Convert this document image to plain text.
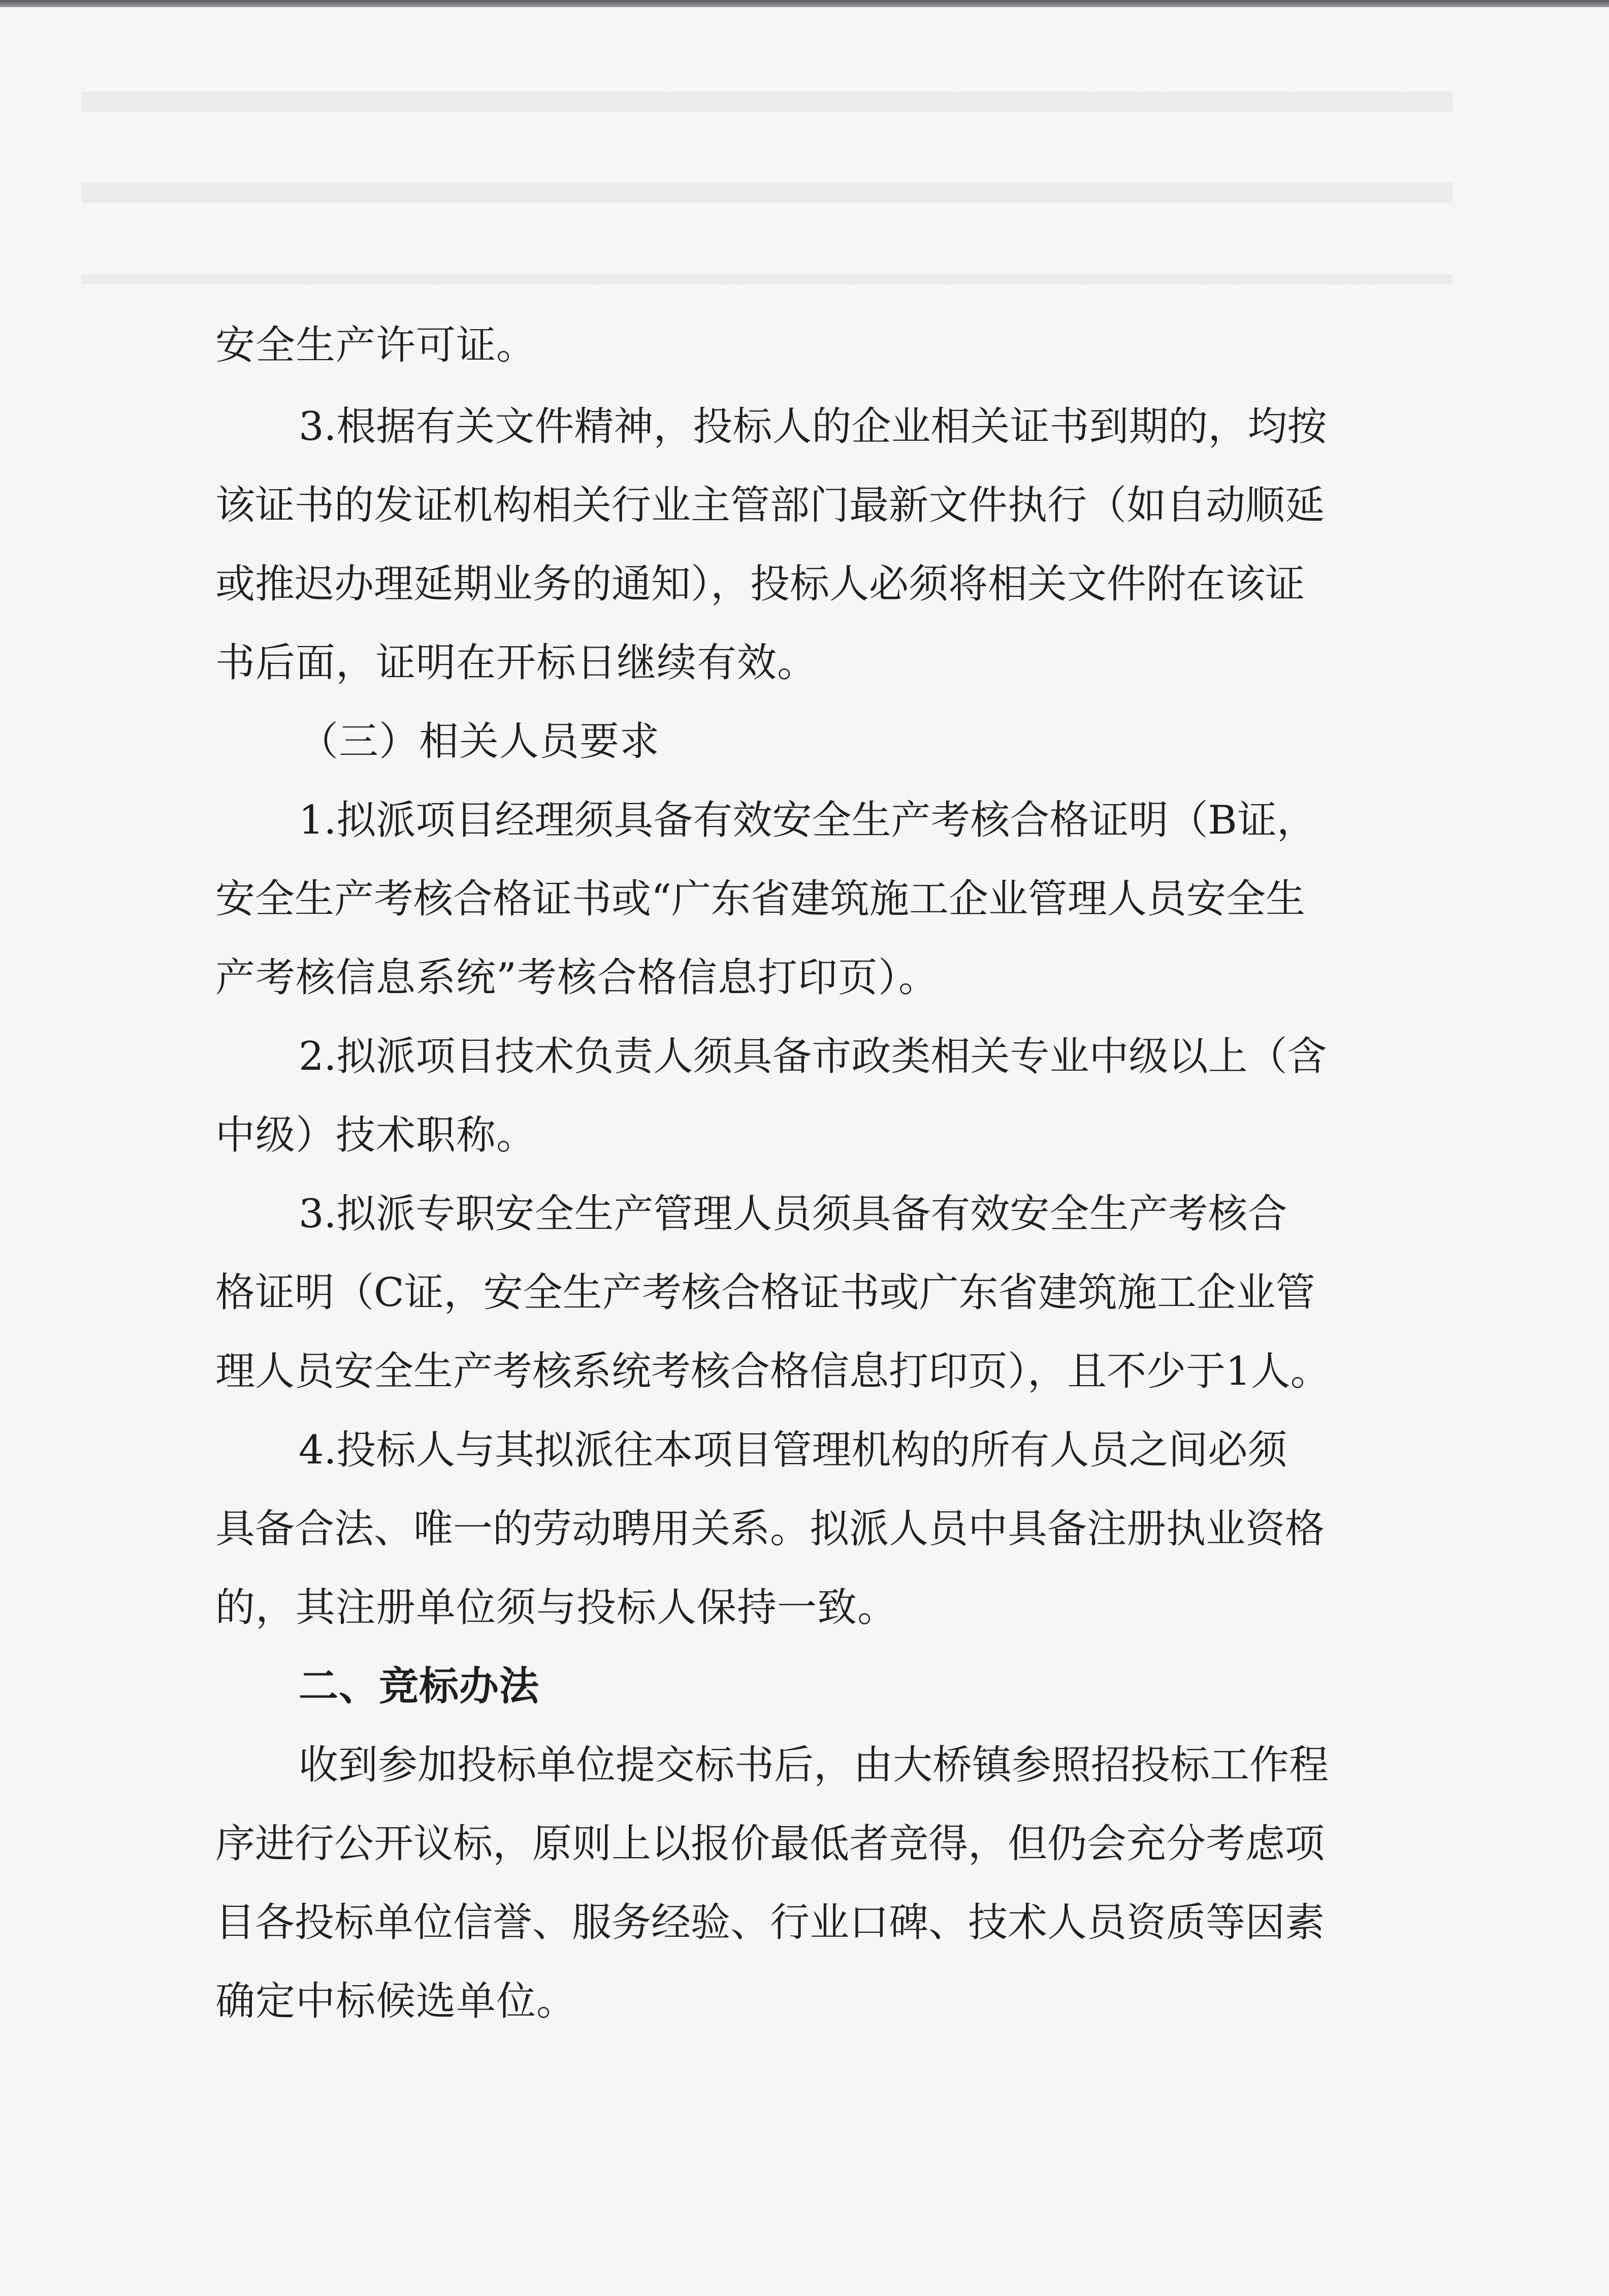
安全生产许可证。
3.根据有关文件精神，投标人的企业相关证书到期的，均按
该证书的发证机构相关行业主管部门最新文件执行（如自动顺延
或推迟办理延期业务的通知），投标人必须将相关文件附在该证
书后面，证明在开标日继续有效。
（三）相关人员要求
1.拟派项目经理须具备有效安全生产考核合格证明（B证，
安全生产考核合格证书或“广东省建筑施工企业管理人员安全生
产考核信息系统”考核合格信息打印页）。
2.拟派项目技术负责人须具备市政类相关专业中级以上（含
中级）技术职称。
3.拟派专职安全生产管理人员须具备有效安全生产考核合
格证明（C证，安全生产考核合格证书或广东省建筑施工企业管
理人员安全生产考核系统考核合格信息打印页），且不少于1人。
4.投标人与其拟派往本项目管理机构的所有人员之间必须
具备合法、唯一的劳动聘用关系。拟派人员中具备注册执业资格
的，其注册单位须与投标人保持一致。
二、竞标办法
收到参加投标单位提交标书后，由大桥镇参照招投标工作程
序进行公开议标，原则上以报价最低者竞得，但仍会充分考虑项
目各投标单位信誉、服务经验、行业口碑、技术人员资质等因素
确定中标候选单位。
